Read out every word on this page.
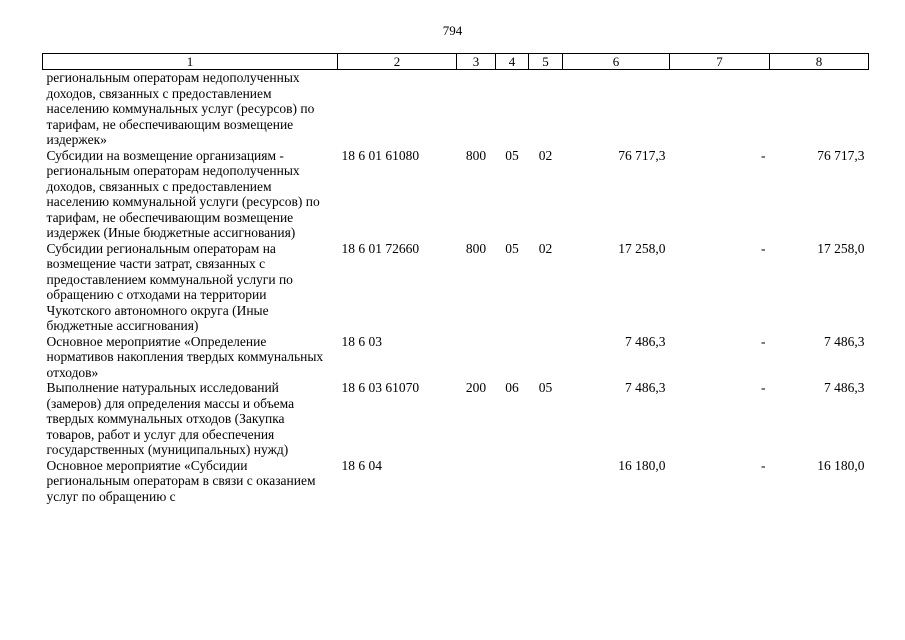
794
1	2	3	4	5	6	7	8
региональным операторам недополученных доходов, связанных с предоставлением населению коммунальных услуг (ресурсов) по тарифам, не обеспечивающим возмещение издержек»							
Субсидии на возмещение организациям - региональным операторам недополученных доходов, связанных с предоставлением населению коммунальной услуги (ресурсов) по тарифам, не обеспечивающим возмещение издержек (Иные бюджетные ассигнования)	18 6 01 61080	800	05	02	76 717,3	-	76 717,3
Субсидии региональным операторам на возмещение части затрат, связанных с предоставлением коммунальной услуги по обращению с отходами на территории Чукотского автономного округа (Иные бюджетные ассигнования)	18 6 01 72660	800	05	02	17 258,0	-	17 258,0
Основное мероприятие «Определение нормативов накопления твердых коммунальных отходов»	18 6 03				7 486,3	-	7 486,3
Выполнение натуральных исследований (замеров) для определения массы и объема твердых коммунальных отходов (Закупка товаров, работ и услуг для обеспечения государственных (муниципальных) нужд)	18 6 03 61070	200	06	05	7 486,3	-	7 486,3
Основное мероприятие «Субсидии региональным операторам в связи с оказанием услуг по обращению с	18 6 04				16 180,0	-	16 180,0
